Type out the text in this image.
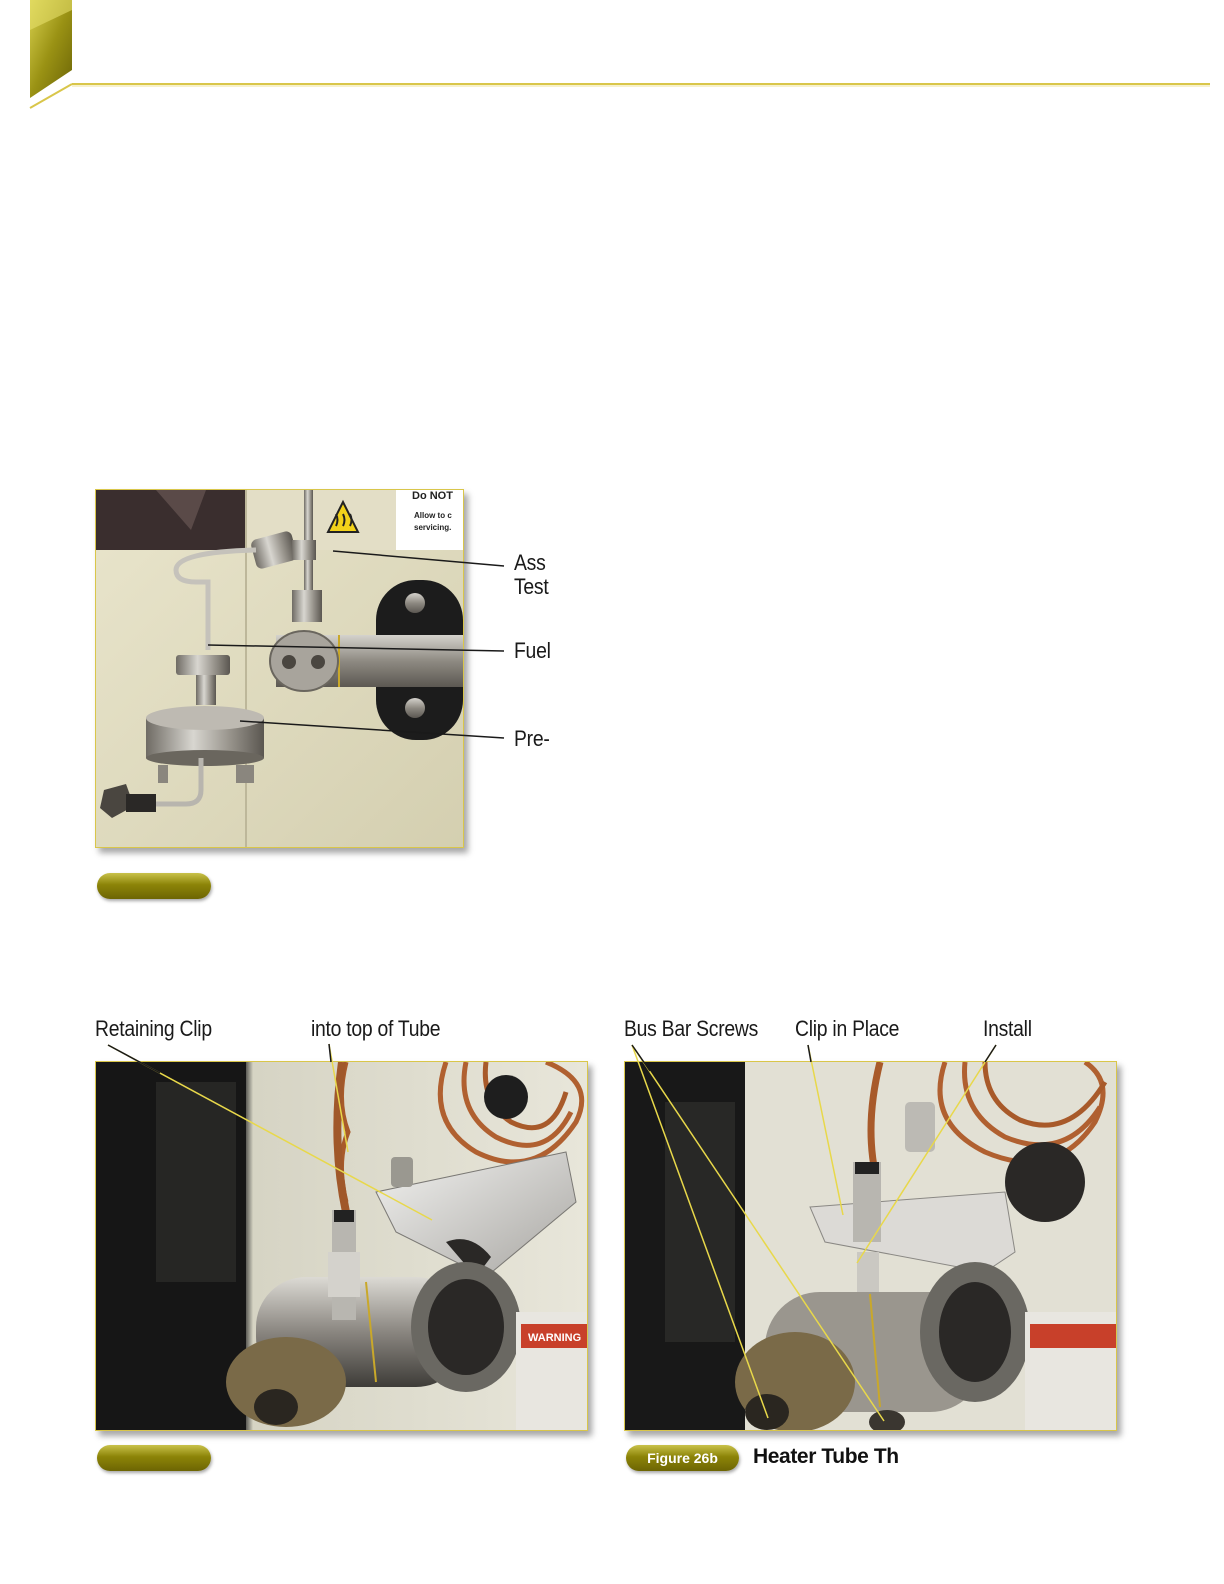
Do NOT
Allow to c
servicing.
Ass
Test
Fuel
Pre-
Retaining Clip	into top of Tube
WARNING
Bus Bar Screws Clip in Place	Install
Figure 26b	Heater Tube Th
